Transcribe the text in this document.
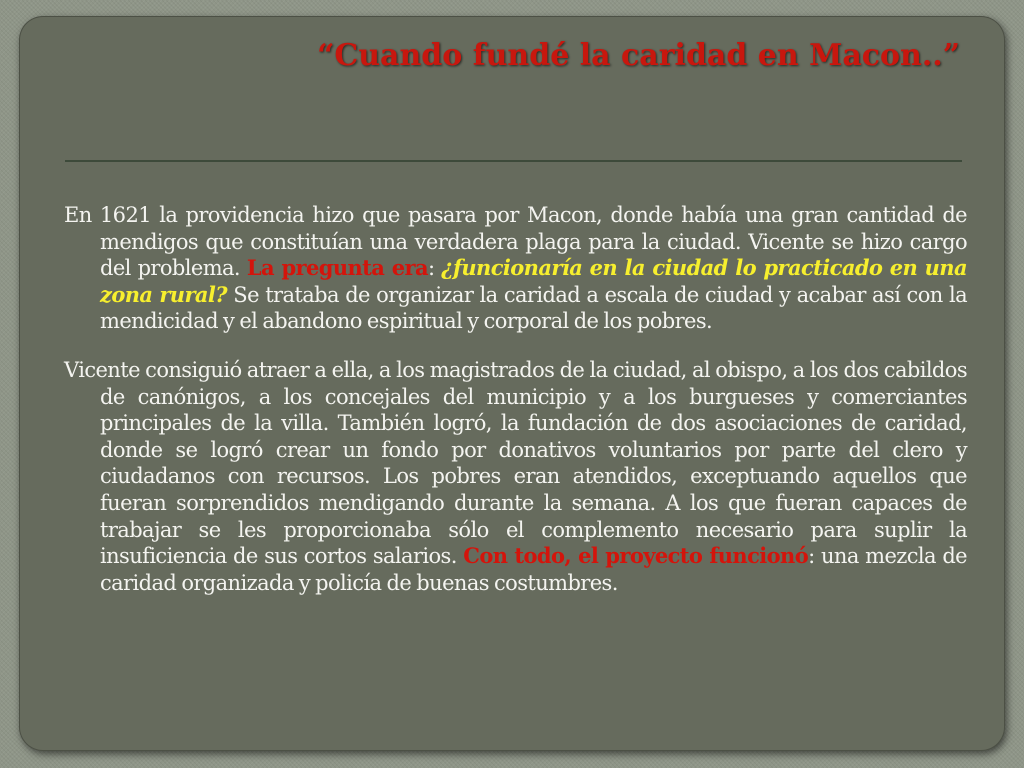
“Cuando fundé la caridad en Macon..”

En 1621 la providencia hizo que pasara por Macon, donde había una gran cantidad de mendigos que constituían una verdadera plaga para la ciudad. Vicente se hizo cargo del problema. La pregunta era: ¿funcionaría en la ciudad lo practicado en una zona rural? Se trataba de organizar la caridad a escala de ciudad y acabar así con la mendicidad y el abandono espiritual y corporal de los pobres.

Vicente consiguió atraer a ella, a los magistrados de la ciudad, al obispo, a los dos cabildos de canónigos, a los concejales del municipio y a los burgueses y comerciantes principales de la villa. También logró, la fundación de dos asociaciones de caridad, donde se logró crear un fondo por donativos voluntarios por parte del clero y ciudadanos con recursos. Los pobres eran atendidos, exceptuando aquellos que fueran sorprendidos mendigando durante la semana. A los que fueran capaces de trabajar se les proporcionaba sólo el complemento necesario para suplir la insuficiencia de sus cortos salarios. Con todo, el proyecto funcionó: una mezcla de caridad organizada y policía de buenas costumbres.
